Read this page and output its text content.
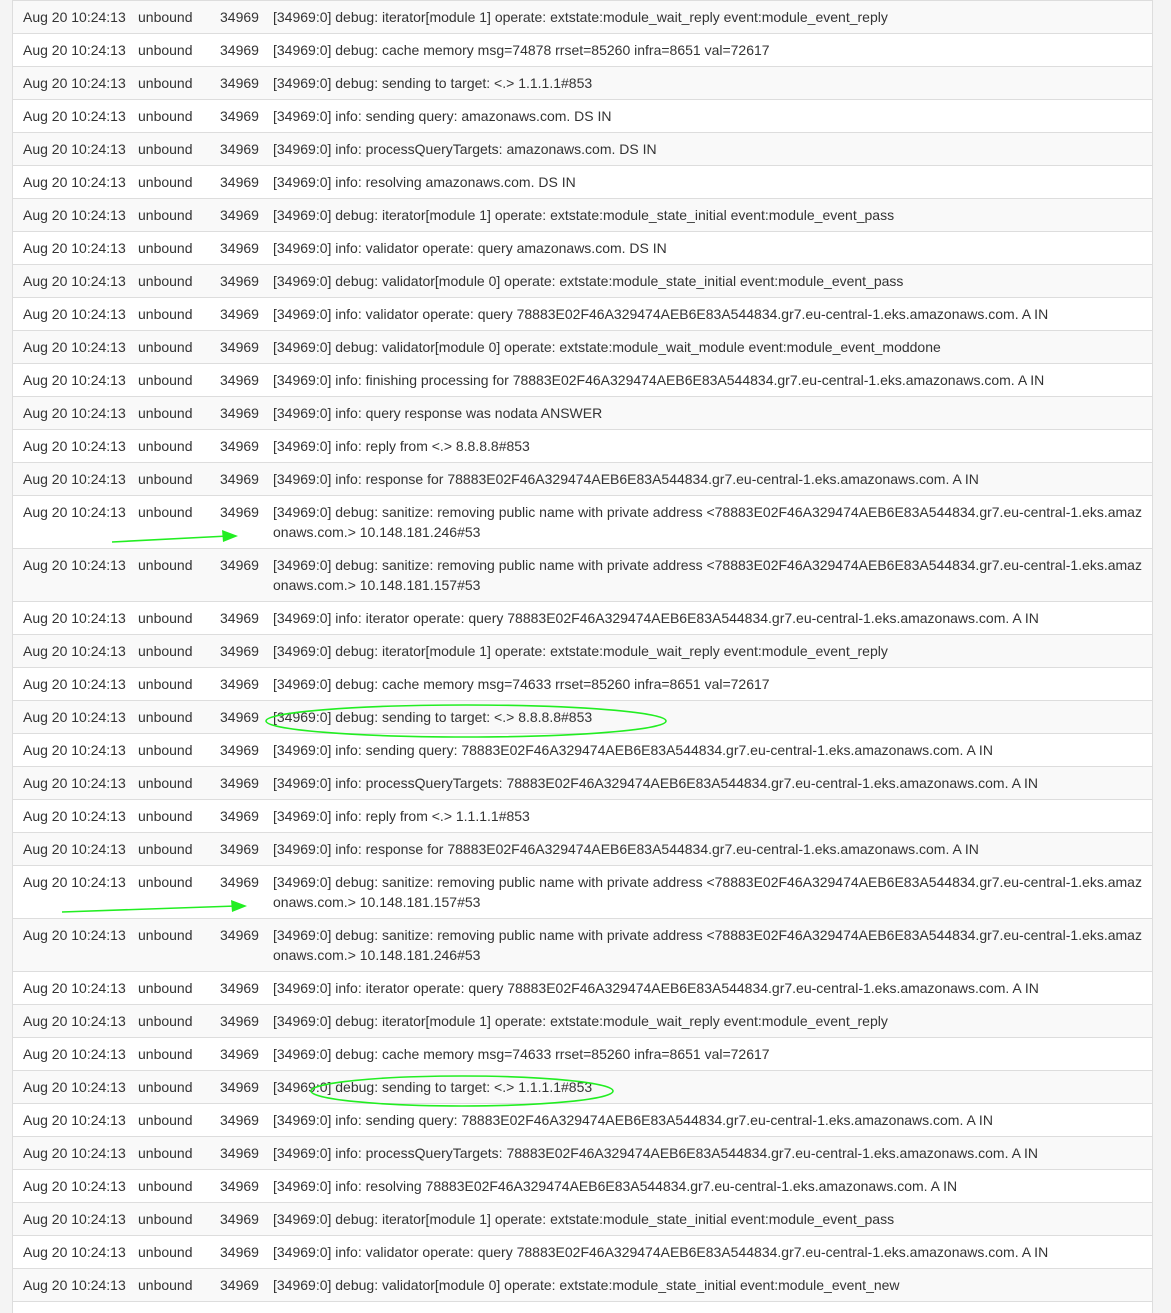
Aug 20 10:24:13	unbound	34969	[34969:0] debug: iterator[module 1] operate: extstate:module_wait_reply event:module_event_reply
Aug 20 10:24:13	unbound	34969	[34969:0] debug: cache memory msg=74878 rrset=85260 infra=8651 val=72617
Aug 20 10:24:13	unbound	34969	[34969:0] debug: sending to target: <.> 1.1.1.1#853
Aug 20 10:24:13	unbound	34969	[34969:0] info: sending query: amazonaws.com. DS IN
Aug 20 10:24:13	unbound	34969	[34969:0] info: processQueryTargets: amazonaws.com. DS IN
Aug 20 10:24:13	unbound	34969	[34969:0] info: resolving amazonaws.com. DS IN
Aug 20 10:24:13	unbound	34969	[34969:0] debug: iterator[module 1] operate: extstate:module_state_initial event:module_event_pass
Aug 20 10:24:13	unbound	34969	[34969:0] info: validator operate: query amazonaws.com. DS IN
Aug 20 10:24:13	unbound	34969	[34969:0] debug: validator[module 0] operate: extstate:module_state_initial event:module_event_pass
Aug 20 10:24:13	unbound	34969	[34969:0] info: validator operate: query 78883E02F46A329474AEB6E83A544834.gr7.eu-central-1.eks.amazonaws.com. A IN
Aug 20 10:24:13	unbound	34969	[34969:0] debug: validator[module 0] operate: extstate:module_wait_module event:module_event_moddone
Aug 20 10:24:13	unbound	34969	[34969:0] info: finishing processing for 78883E02F46A329474AEB6E83A544834.gr7.eu-central-1.eks.amazonaws.com. A IN
Aug 20 10:24:13	unbound	34969	[34969:0] info: query response was nodata ANSWER
Aug 20 10:24:13	unbound	34969	[34969:0] info: reply from <.> 8.8.8.8#853
Aug 20 10:24:13	unbound	34969	[34969:0] info: response for 78883E02F46A329474AEB6E83A544834.gr7.eu-central-1.eks.amazonaws.com. A IN
Aug 20 10:24:13	unbound	34969	[34969:0] debug: sanitize: removing public name with private address <78883E02F46A329474AEB6E83A544834.gr7.eu-central-1.eks.amazonaws.com.> 10.148.181.246#53
Aug 20 10:24:13	unbound	34969	[34969:0] debug: sanitize: removing public name with private address <78883E02F46A329474AEB6E83A544834.gr7.eu-central-1.eks.amazonaws.com.> 10.148.181.157#53
Aug 20 10:24:13	unbound	34969	[34969:0] info: iterator operate: query 78883E02F46A329474AEB6E83A544834.gr7.eu-central-1.eks.amazonaws.com. A IN
Aug 20 10:24:13	unbound	34969	[34969:0] debug: iterator[module 1] operate: extstate:module_wait_reply event:module_event_reply
Aug 20 10:24:13	unbound	34969	[34969:0] debug: cache memory msg=74633 rrset=85260 infra=8651 val=72617
Aug 20 10:24:13	unbound	34969	[34969:0] debug: sending to target: <.> 8.8.8.8#853
Aug 20 10:24:13	unbound	34969	[34969:0] info: sending query: 78883E02F46A329474AEB6E83A544834.gr7.eu-central-1.eks.amazonaws.com. A IN
Aug 20 10:24:13	unbound	34969	[34969:0] info: processQueryTargets: 78883E02F46A329474AEB6E83A544834.gr7.eu-central-1.eks.amazonaws.com. A IN
Aug 20 10:24:13	unbound	34969	[34969:0] info: reply from <.> 1.1.1.1#853
Aug 20 10:24:13	unbound	34969	[34969:0] info: response for 78883E02F46A329474AEB6E83A544834.gr7.eu-central-1.eks.amazonaws.com. A IN
Aug 20 10:24:13	unbound	34969	[34969:0] debug: sanitize: removing public name with private address <78883E02F46A329474AEB6E83A544834.gr7.eu-central-1.eks.amazonaws.com.> 10.148.181.157#53
Aug 20 10:24:13	unbound	34969	[34969:0] debug: sanitize: removing public name with private address <78883E02F46A329474AEB6E83A544834.gr7.eu-central-1.eks.amazonaws.com.> 10.148.181.246#53
Aug 20 10:24:13	unbound	34969	[34969:0] info: iterator operate: query 78883E02F46A329474AEB6E83A544834.gr7.eu-central-1.eks.amazonaws.com. A IN
Aug 20 10:24:13	unbound	34969	[34969:0] debug: iterator[module 1] operate: extstate:module_wait_reply event:module_event_reply
Aug 20 10:24:13	unbound	34969	[34969:0] debug: cache memory msg=74633 rrset=85260 infra=8651 val=72617
Aug 20 10:24:13	unbound	34969	[34969:0] debug: sending to target: <.> 1.1.1.1#853
Aug 20 10:24:13	unbound	34969	[34969:0] info: sending query: 78883E02F46A329474AEB6E83A544834.gr7.eu-central-1.eks.amazonaws.com. A IN
Aug 20 10:24:13	unbound	34969	[34969:0] info: processQueryTargets: 78883E02F46A329474AEB6E83A544834.gr7.eu-central-1.eks.amazonaws.com. A IN
Aug 20 10:24:13	unbound	34969	[34969:0] info: resolving 78883E02F46A329474AEB6E83A544834.gr7.eu-central-1.eks.amazonaws.com. A IN
Aug 20 10:24:13	unbound	34969	[34969:0] debug: iterator[module 1] operate: extstate:module_state_initial event:module_event_pass
Aug 20 10:24:13	unbound	34969	[34969:0] info: validator operate: query 78883E02F46A329474AEB6E83A544834.gr7.eu-central-1.eks.amazonaws.com. A IN
Aug 20 10:24:13	unbound	34969	[34969:0] debug: validator[module 0] operate: extstate:module_state_initial event:module_event_new
